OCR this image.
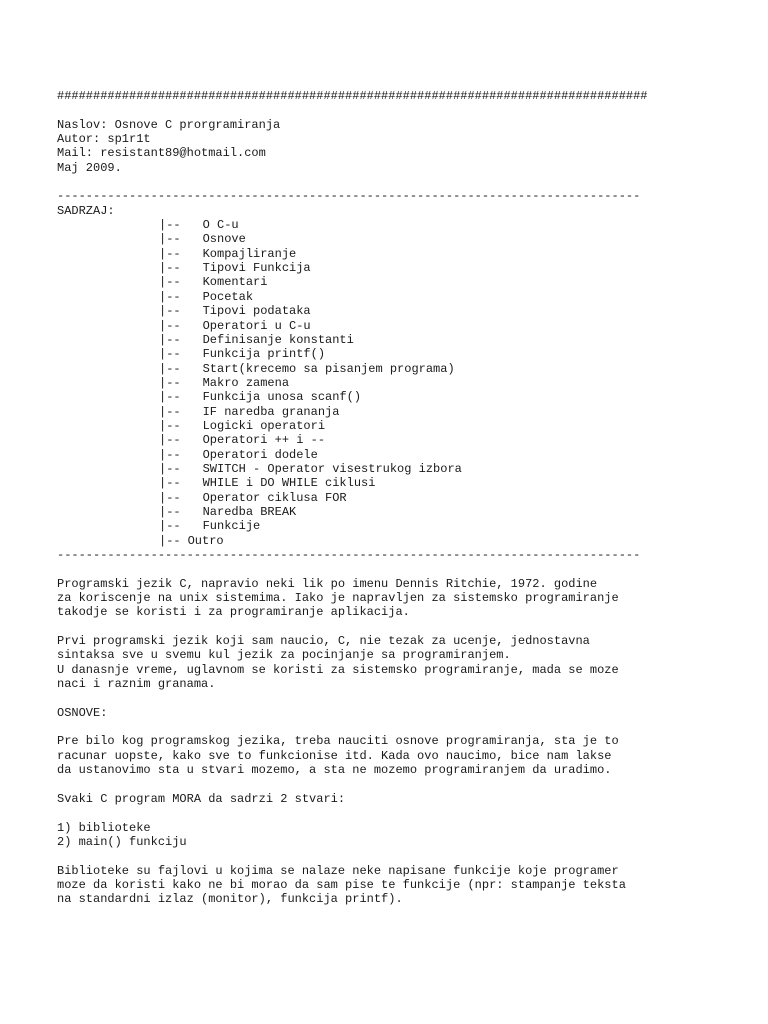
##################################################################################
Naslov: Osnove C prorgramiranja
Autor: sp1r1t
Mail: resistant89@hotmail.com
Maj 2009.
---------------------------------------------------------------------------------
SADRZAJ:
|-- O C-u
|-- Osnove
|-- Kompajliranje
|-- Tipovi Funkcija
|-- Komentari
|-- Pocetak
|-- Tipovi podataka
|-- Operatori u C-u
|-- Definisanje konstanti
|-- Funkcija printf()
|-- Start(krecemo sa pisanjem programa)
|-- Makro zamena
|-- Funkcija unosa scanf()
|-- IF naredba grananja
|-- Logicki operatori
|-- Operatori ++ i --
|-- Operatori dodele
|-- SWITCH - Operator visestrukog izbora
|-- WHILE i DO WHILE ciklusi
|-- Operator ciklusa FOR
|-- Naredba BREAK
|-- Funkcije
|-- Outro
---------------------------------------------------------------------------------
Programski jezik C, napravio neki lik po imenu Dennis Ritchie, 1972. godine
za koriscenje na unix sistemima. Iako je napravljen za sistemsko programiranje
takodje se koristi i za programiranje aplikacija.
Prvi programski jezik koji sam naucio, C, nie tezak za ucenje, jednostavna
sintaksa sve u svemu kul jezik za pocinjanje sa programiranjem.
U danasnje vreme, uglavnom se koristi za sistemsko programiranje, mada se moze
naci i raznim granama.
OSNOVE:
Pre bilo kog programskog jezika, treba nauciti osnove programiranja, sta je to
racunar uopste, kako sve to funkcionise itd. Kada ovo naucimo, bice nam lakse
da ustanovimo sta u stvari mozemo, a sta ne mozemo programiranjem da uradimo.
Svaki C program MORA da sadrzi 2 stvari:
1) biblioteke
2) main() funkciju
Biblioteke su fajlovi u kojima se nalaze neke napisane funkcije koje programer
moze da koristi kako ne bi morao da sam pise te funkcije (npr: stampanje teksta
na standardni izlaz (monitor), funkcija printf).
